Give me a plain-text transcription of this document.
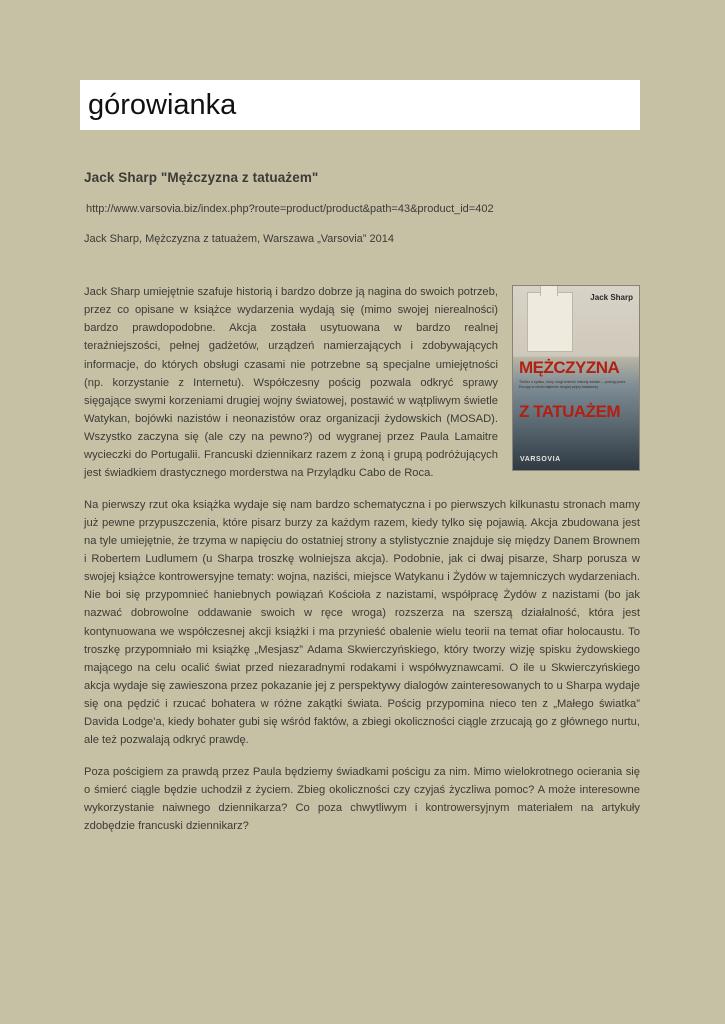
górowianka
Jack Sharp "Mężczyzna z tatuażem"
http://www.varsovia.biz/index.php?route=product/product&path=43&product_id=402
Jack Sharp, Mężczyzna z tatuażem, Warszawa „Varsovia” 2014
Jack Sharp
MĘŻCZYZNA
Thriller o spisku, który mógł zmienić historię świata — pościg przez Europę w cieniu tajemnic drugiej wojny światowej.
Z TATUAŻEM
VARSOVIA

Jack Sharp umiejętnie szafuje historią i bardzo dobrze ją nagina do swoich potrzeb, przez co opisane w książce wydarzenia wydają się (mimo swojej nierealności) bardzo prawdopodobne. Akcja została usytuowana w bardzo realnej teraźniejszości, pełnej gadżetów, urządzeń namierzających i zdobywających informacje, do których obsługi czasami nie potrzebne są specjalne umiejętności (np. korzystanie z Internetu). Współczesny pościg pozwala odkryć sprawy sięgające swymi korzeniami drugiej wojny światowej, postawić w wątpliwym świetle Watykan, bojówki nazistów i neonazistów oraz organizacji żydowskich (MOSAD). Wszystko zaczyna się (ale czy na pewno?) od wygranej przez Paula Lamaitre wycieczki do Portugalii. Francuski dziennikarz razem z żoną i grupą podróżujących jest świadkiem drastycznego morderstwa na Przylądku Cabo de Roca.

Na pierwszy rzut oka książka wydaje się nam bardzo schematyczna i po pierwszych kilkunastu stronach mamy już pewne przypuszczenia, które pisarz burzy za każdym razem, kiedy tylko się pojawią. Akcja zbudowana jest na tyle umiejętnie, że trzyma w napięciu do ostatniej strony a stylistycznie znajduje się między Danem Brownem i Robertem Ludlumem (u Sharpa troszkę wolniejsza akcja). Podobnie, jak ci dwaj pisarze, Sharp porusza w swojej książce kontrowersyjne tematy: wojna, naziści, miejsce Watykanu i Żydów w tajemniczych wydarzeniach. Nie boi się przypomnieć haniebnych powiązań Kościoła z nazistami, współpracę Żydów z nazistami (bo jak nazwać dobrowolne oddawanie swoich w ręce wroga) rozszerza na szerszą działalność, która jest kontynuowana we współczesnej akcji książki i ma przynieść obalenie wielu teorii na temat ofiar holocaustu. To troszkę przypomniało mi książkę „Mesjasz” Adama Skwierczyńskiego, który tworzy wizję spisku żydowskiego mającego na celu ocalić świat przed niezaradnymi rodakami i współwyznawcami. O ile u Skwierczyńskiego akcja wydaje się zawieszona przez pokazanie jej z perspektywy dialogów zainteresowanych to u Sharpa wydaje się ona pędzić i rzucać bohatera w różne zakątki świata. Pościg przypomina nieco ten z „Małego światka” Davida Lodge'a, kiedy bohater gubi się wśród faktów, a zbiegi okoliczności ciągle zrzucają go z głównego nurtu, ale też pozwalają odkryć prawdę.

Poza pościgiem za prawdą przez Paula będziemy świadkami pościgu za nim. Mimo wielokrotnego ocierania się o śmierć ciągle będzie uchodził z życiem. Zbieg okoliczności czy czyjaś życzliwa pomoc? A może interesowne wykorzystanie naiwnego dziennikarza? Co poza chwytliwym i kontrowersyjnym materiałem na artykuły zdobędzie francuski dziennikarz?
